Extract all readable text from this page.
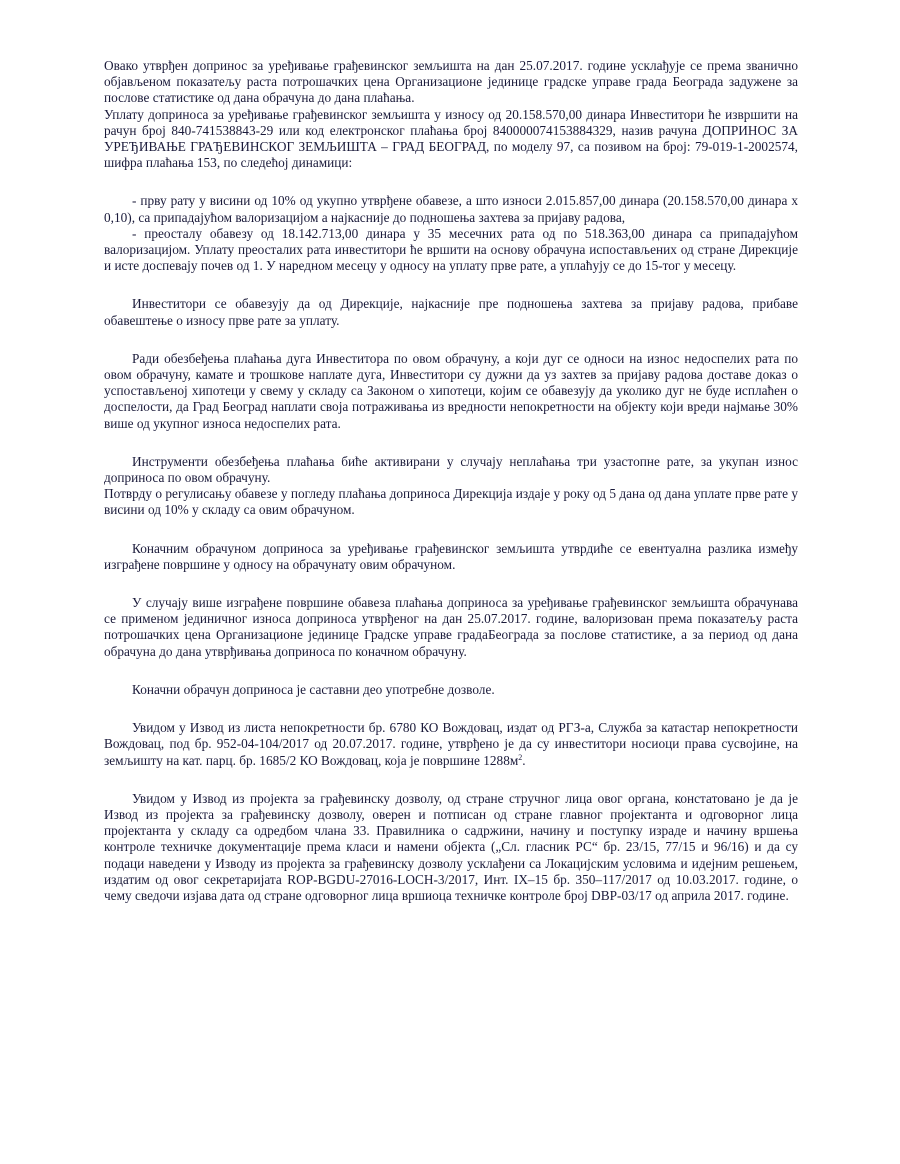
Овако утврђен допринос за уређивање грађевинског земљишта на дан 25.07.2017. године усклађује се према званично објављеном показатељу раста потрошачких цена Организационе јединице градске управе града Београда задужене за послове статистике од дана обрачуна до дана плаћања.

Уплату доприноса за уређивање грађевинског земљишта у износу од 20.158.570,00 динара Инвеститори ће извршити на рачун број 840-741538843-29 или код електронског плаћања број 840000074153884329, назив рачуна ДОПРИНОС ЗА УРЕЂИВАЊЕ ГРАЂЕВИНСКОГ ЗЕМЉИШТА – ГРАД БЕОГРАД, по моделу 97, са позивом на број: 79-019-1-2002574, шифра плаћања 153, по следећој динамици:

- прву рату у висини од 10% од укупно утврђене обавезе, а што износи 2.015.857,00 динара (20.158.570,00 динара х 0,10), са припадајућом валоризацијом а најкасније до подношења захтева за пријаву радова,

- преосталу обавезу од 18.142.713,00 динара у 35 месечних рата од по 518.363,00 динара са припадајућом валоризацијом. Уплату преосталих рата инвеститори ће вршити на основу обрачуна испостављених од стране Дирекције и исте доспевају почев од 1. У наредном месецу у односу на уплату прве рате, а уплаћују се до 15-тог у месецу.

Инвеститори се обавезују да од Дирекције, најкасније пре подношења захтева за пријаву радова, прибаве обавештење о износу прве рате за уплату.

Ради обезбеђења плаћања дуга Инвеститора по овом обрачуну, а који дуг се односи на износ недоспелих рата по овом обрачуну, камате и трошкове наплате дуга, Инвеститори су дужни да уз захтев за пријаву радова доставе доказ о успостављеној хипотеци у свему у складу са Законом о хипотеци, којим се обавезују да уколико дуг не буде исплаћен о доспелости, да Град Београд наплати своја потраживања из вредности непокретности на објекту који вреди најмање 30% више од укупног износа недоспелих рата.

Инструменти обезбеђења плаћања биће активирани у случају неплаћања три узастопне рате, за укупан износ доприноса по овом обрачуну.

Потврду о регулисању обавезе у погледу плаћања доприноса Дирекција издаје у року од 5 дана од дана уплате прве рате у висини од 10% у складу са овим обрачуном.

Коначним обрачуном доприноса за уређивање грађевинског земљишта утврдиће се евентуална разлика између изграђене површине у односу на обрачунату овим обрачуном.

У случају више изграђене површине обавеза плаћања доприноса за уређивање грађевинског земљишта обрачунава се применом јединичног износа доприноса утврђеног на дан 25.07.2017. године, валоризован према показатељу раста потрошачких цена Организационе јединице Градске управе градаБеограда за послове статистике, а за период од дана обрачуна до дана утврђивања доприноса по коначном обрачуну.

Коначни обрачун доприноса је саставни део употребне дозволе.

Увидом у Извод из листа непокретности бр. 6780 КО Вождовац, издат од РГЗ-а, Служба за катастар непокретности Вождовац, под бр. 952-04-104/2017 од 20.07.2017. године, утврђено је да су инвеститори носиоци права сусвојине, на земљишту на кат. парц. бр. 1685/2 КО Вождовац, која је површине $1288м^2$.

Увидом у Извод из пројекта за грађевинску дозволу, од стране стручног лица овог органа, констатовано је да је Извод из пројекта за грађевинску дозволу, оверен и потписан од стране главног пројектанта и одговорног лица пројектанта у складу са одредбом члана 33. Правилника о садржини, начину и поступку израде и начину вршења контроле техничке документације према класи и намени објекта („Сл. гласник РС“ бр. 23/15, 77/15 и 96/16) и да су подаци наведени у Изводу из пројекта за грађевинску дозволу усклађени са Локацијским условима и идејним решењем, издатим од овог секретаријата ROP-BGDU-27016-LOCH-3/2017, Инт. IX–15 бр. 350–117/2017 од 10.03.2017. године, о чему сведочи изјава дата од стране одговорног лица вршиоца техничке контроле број DBP-03/17 од априла 2017. године.
